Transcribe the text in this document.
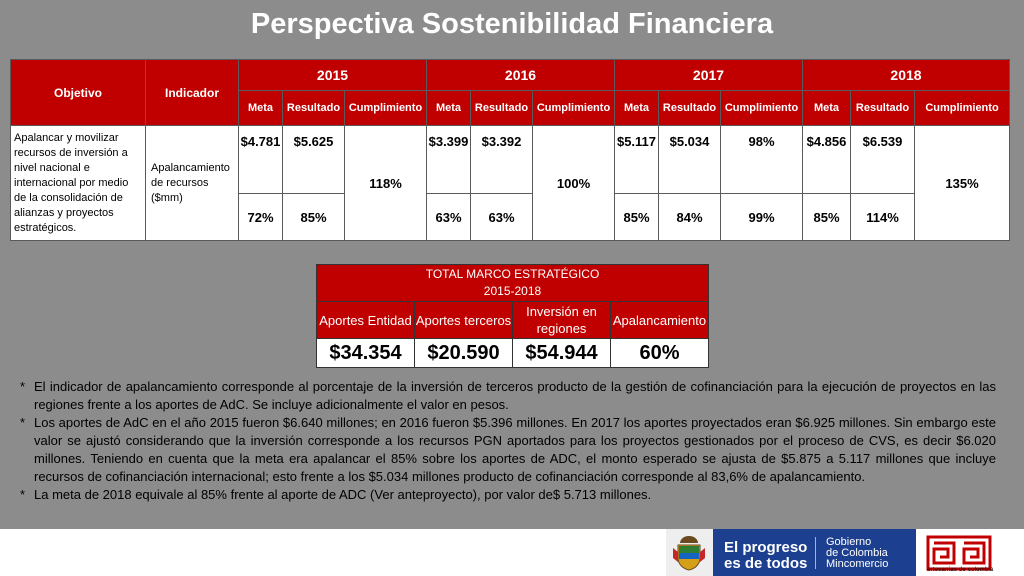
Perspectiva Sostenibilidad Financiera
Objetivo	Indicador	2015			2016			2017			2018		
		Meta	Resultado	Cumplimiento	Meta	Resultado	Cumplimiento	Meta	Resultado	Cumplimiento	Meta	Resultado	Cumplimiento
Apalancar y movilizar recursos de inversión a nivel nacional e internacional por medio de la consolidación de alianzas y proyectos estratégicos.	Apalancamiento de recursos ($mm)	$4.781	$5.625	118%	$3.399	$3.392	100%	$5.117	$5.034	98%	$4.856	$6.539	135%
		72%	85%		63%	63%		85%	84%	99%	85%	114%	
TOTAL MARCO ESTRATÉGICO
2015-2018			

Aportes Entidad	Aportes terceros	Inversión en regiones	Apalancamiento
$34.354	$20.590	$54.944	60%
* El indicador de apalancamiento corresponde al porcentaje de la inversión de terceros producto de la gestión de cofinanciación para la ejecución de proyectos en las regiones frente a los aportes de AdC. Se incluye adicionalmente el valor en pesos.
* Los aportes de AdC en el año 2015 fueron $6.640 millones; en 2016 fueron $5.396 millones. En 2017 los aportes proyectados eran $6.925 millones. Sin embargo este valor se ajustó considerando que la inversión corresponde a los recursos PGN aportados para los proyectos gestionados por el proceso de CVS, es decir $6.020 millones. Teniendo en cuenta que la meta era apalancar el 85% sobre los aportes de ADC, el monto esperado se ajusta de $5.875 a 5.117 millones que incluye recursos de cofinanciación internacional; esto frente a los $5.034 millones producto de cofinanciación corresponde al 83,6% de apalancamiento.
* La meta de 2018 equivale al 85% frente al aporte de ADC (Ver anteproyecto), por valor de$ 5.713 millones.
El progreso
es de todos
Gobierno
de Colombia
Mincomercio	artesanías de colombia
